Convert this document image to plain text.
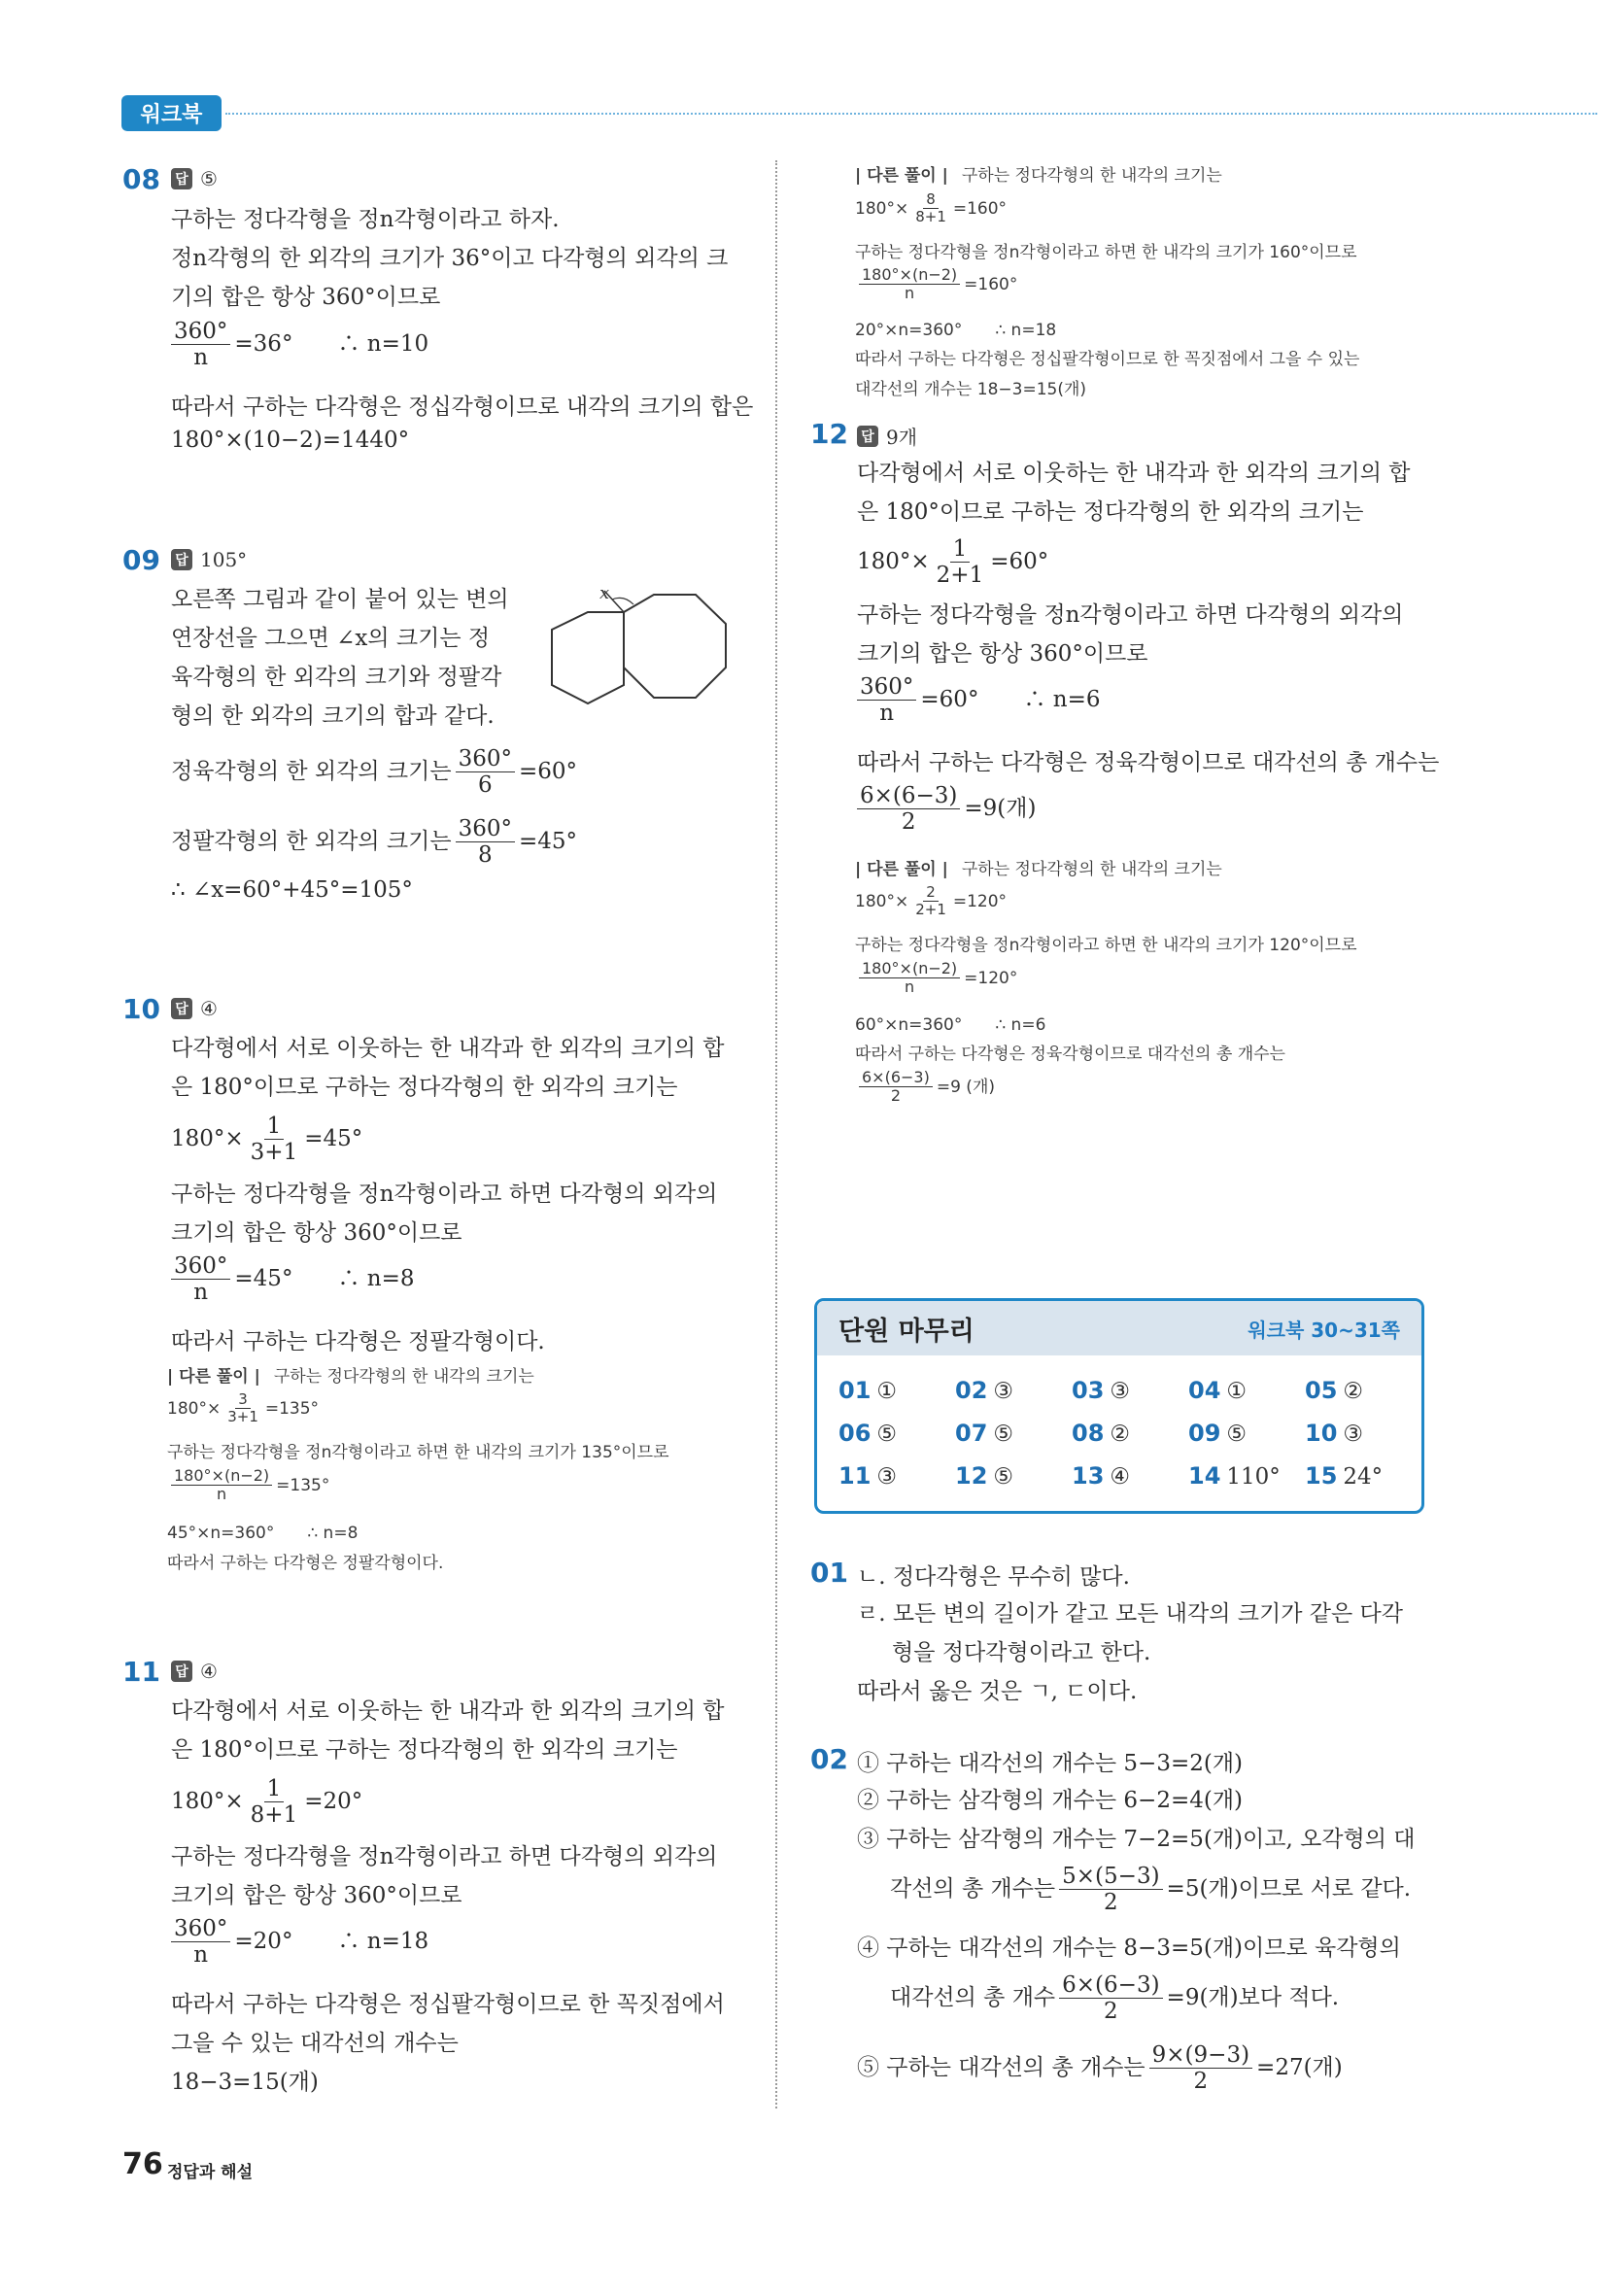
워크북
08	답 ⑤
구하는 정다각형을 정n각형이라고 하자.
정n각형의 한 외각의 크기가 36°이고 다각형의 외각의 크
기의 합은 항상 360°이므로
$\frac{360^\circ}{n} =36^\circ$　　∴ n=10
따라서 구하는 다각형은 정십각형이므로 내각의 크기의 합은
180°×(10−2)=1440°
09	답 105°
오른쪽 그림과 같이 붙어 있는 변의
연장선을 그으면 ∠x의 크기는 정
육각형의 한 외각의 크기와 정팔각
형의 한 외각의 크기의 합과 같다.
x
정육각형의 한 외각의 크기는 $\frac{360^\circ}{6} =60^\circ$
정팔각형의 한 외각의 크기는 $\frac{360^\circ}{8} =45^\circ$
∴ ∠x=60°+45°=105°
10	답 ④
다각형에서 서로 이웃하는 한 내각과 한 외각의 크기의 합
은 180°이므로 구하는 정다각형의 한 외각의 크기는
$180^\circ\times \frac{1}{3+1} =45^\circ$
구하는 정다각형을 정n각형이라고 하면 다각형의 외각의
크기의 합은 항상 360°이므로
$\frac{360^\circ}{n} =45^\circ$　　∴ n=8
따라서 구하는 다각형은 정팔각형이다.
| 다른 풀이 | 구하는 정다각형의 한 내각의 크기는
$180^\circ\times \frac{3}{3+1} =135^\circ$
구하는 정다각형을 정n각형이라고 하면 한 내각의 크기가 135°이므로
$\frac{180^\circ\times(n-2)}{n} =135^\circ$
45°×n=360°　　∴ n=8
따라서 구하는 다각형은 정팔각형이다.
11	답 ④
다각형에서 서로 이웃하는 한 내각과 한 외각의 크기의 합
은 180°이므로 구하는 정다각형의 한 외각의 크기는
$180^\circ\times \frac{1}{8+1} =20^\circ$
구하는 정다각형을 정n각형이라고 하면 다각형의 외각의
크기의 합은 항상 360°이므로
$\frac{360^\circ}{n} =20^\circ$　　∴ n=18
따라서 구하는 다각형은 정십팔각형이므로 한 꼭짓점에서
그을 수 있는 대각선의 개수는
18−3=15(개)
| 다른 풀이 | 구하는 정다각형의 한 내각의 크기는
$180^\circ\times \frac{8}{8+1} =160^\circ$
구하는 정다각형을 정n각형이라고 하면 한 내각의 크기가 160°이므로
$\frac{180^\circ\times(n-2)}{n} =160^\circ$
20°×n=360°　　∴ n=18
따라서 구하는 다각형은 정십팔각형이므로 한 꼭짓점에서 그을 수 있는
대각선의 개수는 18−3=15(개)
12 답 9개
다각형에서 서로 이웃하는 한 내각과 한 외각의 크기의 합
은 180°이므로 구하는 정다각형의 한 외각의 크기는
$180^\circ\times \frac{1}{2+1} =60^\circ$
구하는 정다각형을 정n각형이라고 하면 다각형의 외각의
크기의 합은 항상 360°이므로
$\frac{360^\circ}{n} =60^\circ$　　∴ n=6
따라서 구하는 다각형은 정육각형이므로 대각선의 총 개수는
$\frac{6\times(6-3)}{2} =9$(개)
| 다른 풀이 | 구하는 정다각형의 한 내각의 크기는
$180^\circ\times \frac{2}{2+1} =120^\circ$
구하는 정다각형을 정n각형이라고 하면 한 내각의 크기가 120°이므로
$\frac{180^\circ\times(n-2)}{n} =120^\circ$
60°×n=360°　　∴ n=6
따라서 구하는 다각형은 정육각형이므로 대각선의 총 개수는
$\frac{6\times(6-3)}{2} =9$ (개)
단원 마무리	워크북 30~31쪽
01 ① 02 ③ 03 ③ 04 ① 05 ②
06 ⑤ 07 ⑤ 08 ② 09 ⑤ 10 ③
11 ③ 12 ⑤ 13 ④ 14 110° 15 24°
01 ㄴ. 정다각형은 무수히 많다.
ㄹ. 모든 변의 길이가 같고 모든 내각의 크기가 같은 다각
형을 정다각형이라고 한다.
따라서 옳은 것은 ㄱ, ㄷ이다.
02 ① 구하는 대각선의 개수는 5−3=2(개)
② 구하는 삼각형의 개수는 6−2=4(개)
③ 구하는 삼각형의 개수는 7−2=5(개)이고, 오각형의 대
각선의 총 개수는 $\frac{5\times(5-3)}{2} =5$(개)이므로 서로 같다.
④ 구하는 대각선의 개수는 8−3=5(개)이므로 육각형의
대각선의 총 개수 $\frac{6\times(6-3)}{2} =9$(개)보다 적다.
⑤ 구하는 대각선의 총 개수는 $\frac{9\times(9-3)}{2} =27$(개)
76 정답과 해설
